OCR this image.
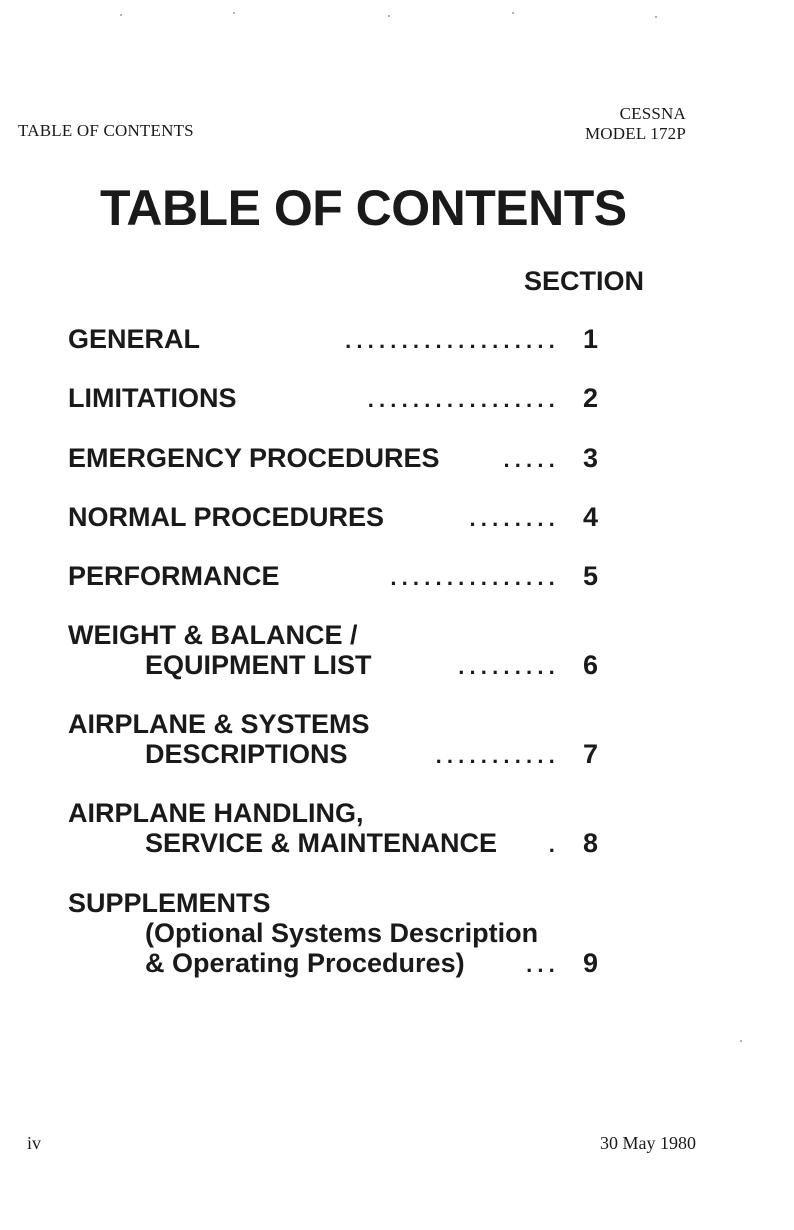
TABLE OF CONTENTS
CESSNA
MODEL 172P
TABLE OF CONTENTS
SECTION
GENERAL	................... 1
LIMITATIONS	................. 2
EMERGENCY PROCEDURES	..... 3
NORMAL PROCEDURES	........ 4
PERFORMANCE	............... 5
WEIGHT & BALANCE /
EQUIPMENT LIST	......... 6
AIRPLANE & SYSTEMS
DESCRIPTIONS	........... 7
AIRPLANE HANDLING,
SERVICE & MAINTENANCE . 8
SUPPLEMENTS
(Optional Systems Description
& Operating Procedures)	... 9
iv	30 May 1980
